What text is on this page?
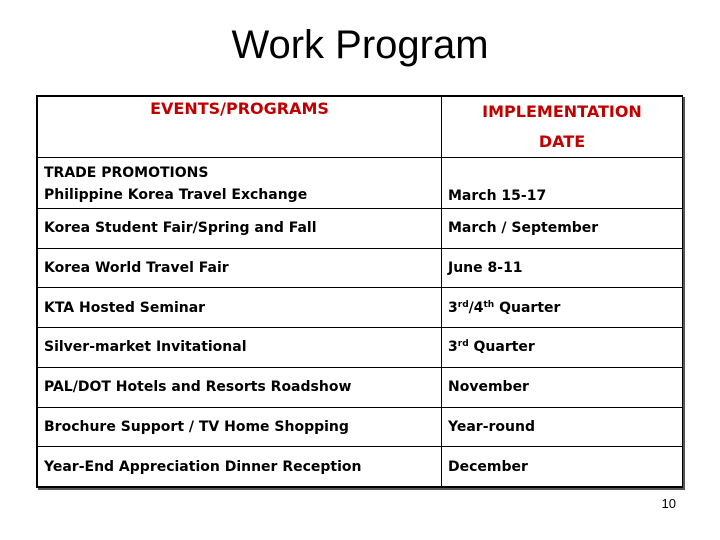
Work Program
EVENTS/PROGRAMS	IMPLEMENTATION
DATE
TRADE PROMOTIONS
Philippine Korea Travel Exchange	March 15-17
Korea Student Fair/Spring and Fall	March / September
Korea World Travel Fair	June 8-11
KTA Hosted Seminar	3rd/4th Quarter
Silver-market Invitational	3rd Quarter
PAL/DOT Hotels and Resorts Roadshow	November
Brochure Support / TV Home Shopping	Year-round
Year-End Appreciation Dinner Reception	December
10
